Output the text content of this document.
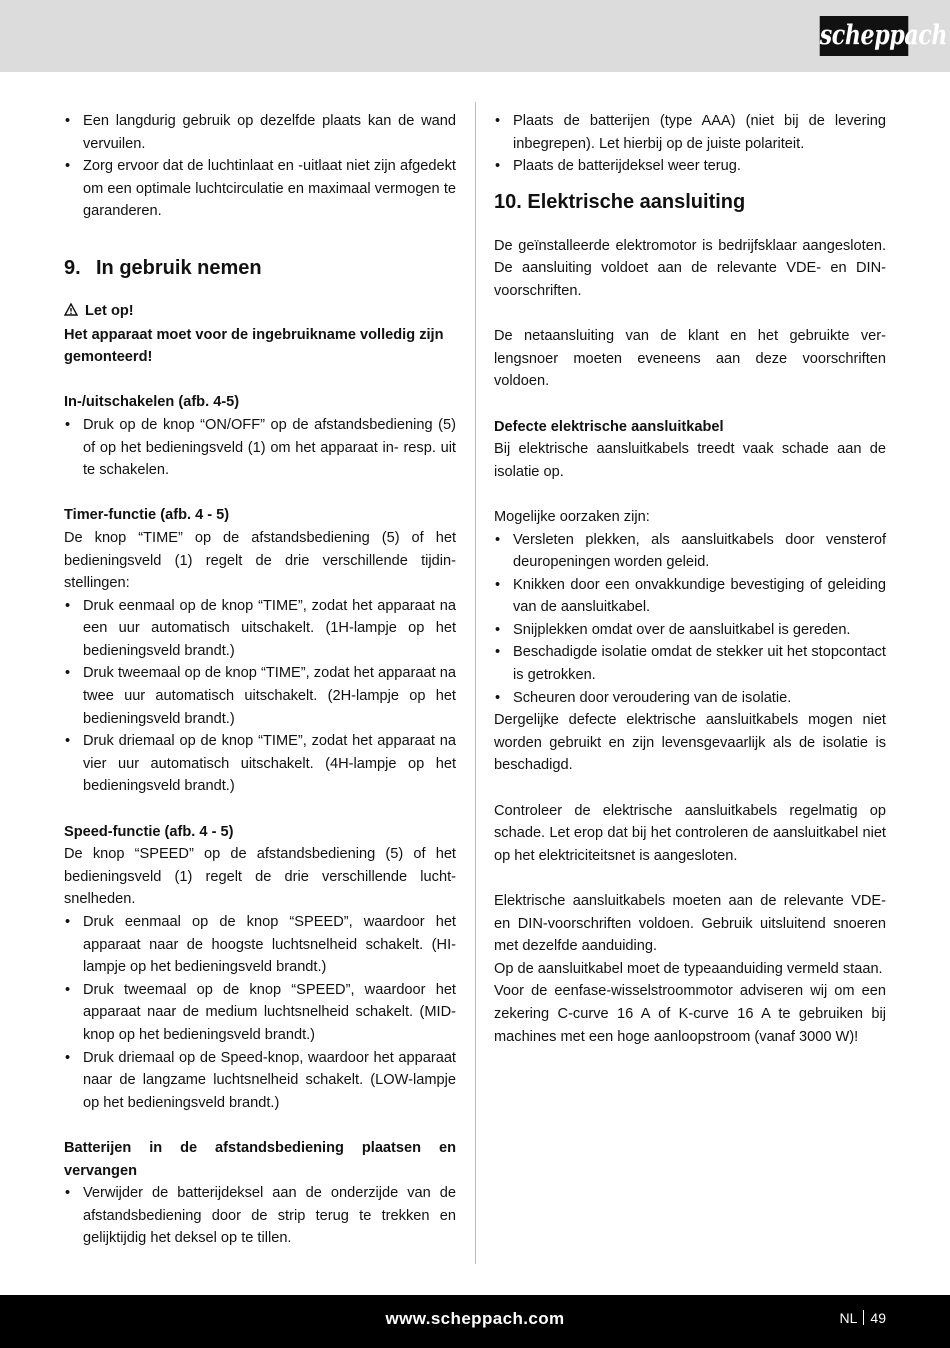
scheppach
• Een langdurig gebruik op dezelfde plaats kan de wand vervuilen.
• Zorg ervoor dat de luchtinlaat en -uitlaat niet zijn afgedekt om een optimale luchtcirculatie en maximaal vermogen te garanderen.
9. In gebruik nemen

Let op!

Het apparaat moet voor de ingebruikname volledig zijn gemonteerd!

In-/uitschakelen (afb. 4-5)

• Druk op de knop “ON/OFF” op de afstandsbediening (5) of op het bedieningsveld (1) om het apparaat in- resp. uit te schakelen.

Timer-functie (afb. 4 - 5)

De knop “TIME” op de afstandsbediening (5) of het bedieningsveld (1) regelt de drie verschillende tijdinstellingen:

• Druk eenmaal op de knop “TIME”, zodat het apparaat na een uur automatisch uitschakelt. (1H-lampje op het bedieningsveld brandt.)
• Druk tweemaal op de knop “TIME”, zodat het apparaat na twee uur automatisch uitschakelt. (2H-lampje op het bedieningsveld brandt.)
• Druk driemaal op de knop “TIME”, zodat het apparaat na vier uur automatisch uitschakelt. (4H-lampje op het bedieningsveld brandt.)

Speed-functie (afb. 4 - 5)

De knop “SPEED” op de afstandsbediening (5) of het bedieningsveld (1) regelt de drie verschillende luchtsnelheden.

• Druk eenmaal op de knop “SPEED”, waardoor het apparaat naar de hoogste luchtsnelheid schakelt. (HI-lampje op het bedieningsveld brandt.)
• Druk tweemaal op de knop “SPEED”, waardoor het apparaat naar de medium luchtsnelheid schakelt. (MID-knop op het bedieningsveld brandt.)
• Druk driemaal op de Speed-knop, waardoor het apparaat naar de langzame luchtsnelheid schakelt. (LOW-lampje op het bedieningsveld brandt.)

Batterijen in de afstandsbediening plaatsen en vervangen

• Verwijder de batterijdeksel aan de onderzijde van de afstandsbediening door de strip terug te trekken en gelijktijdig het deksel op te tillen.
• Plaats de batterijen (type AAA) (niet bij de levering inbegrepen). Let hierbij op de juiste polariteit.
• Plaats de batterijdeksel weer terug.
10. Elektrische aansluiting

De geïnstalleerde elektromotor is bedrijfsklaar aangesloten. De aansluiting voldoet aan de relevante VDE- en DIN-voorschriften.

De netaansluiting van de klant en het gebruikte verlengsnoer moeten eveneens aan deze voorschriften voldoen.

Defecte elektrische aansluitkabel

Bij elektrische aansluitkabels treedt vaak schade aan de isolatie op.

Mogelijke oorzaken zijn:

• Versleten plekken, als aansluitkabels door vensterof deuropeningen worden geleid.
• Knikken door een onvakkundige bevestiging of geleiding van de aansluitkabel.
• Snijplekken omdat over de aansluitkabel is gereden.
• Beschadigde isolatie omdat de stekker uit het stopcontact is getrokken.
• Scheuren door veroudering van de isolatie.

Dergelijke defecte elektrische aansluitkabels mogen niet worden gebruikt en zijn levensgevaarlijk als de isolatie is beschadigd.

Controleer de elektrische aansluitkabels regelmatig op schade. Let erop dat bij het controleren de aansluitkabel niet op het elektriciteitsnet is aangesloten.

Elektrische aansluitkabels moeten aan de relevante VDE- en DIN-voorschriften voldoen. Gebruik uitsluitend snoeren met dezelfde aanduiding.

Op de aansluitkabel moet de typeaanduiding vermeld staan.

Voor de eenfase-wisselstroommotor adviseren wij om een zekering C-curve 16 A of K-curve 16 A te gebruiken bij machines met een hoge aanloopstroom (vanaf 3000 W)!

www.scheppach.com	NL 49
